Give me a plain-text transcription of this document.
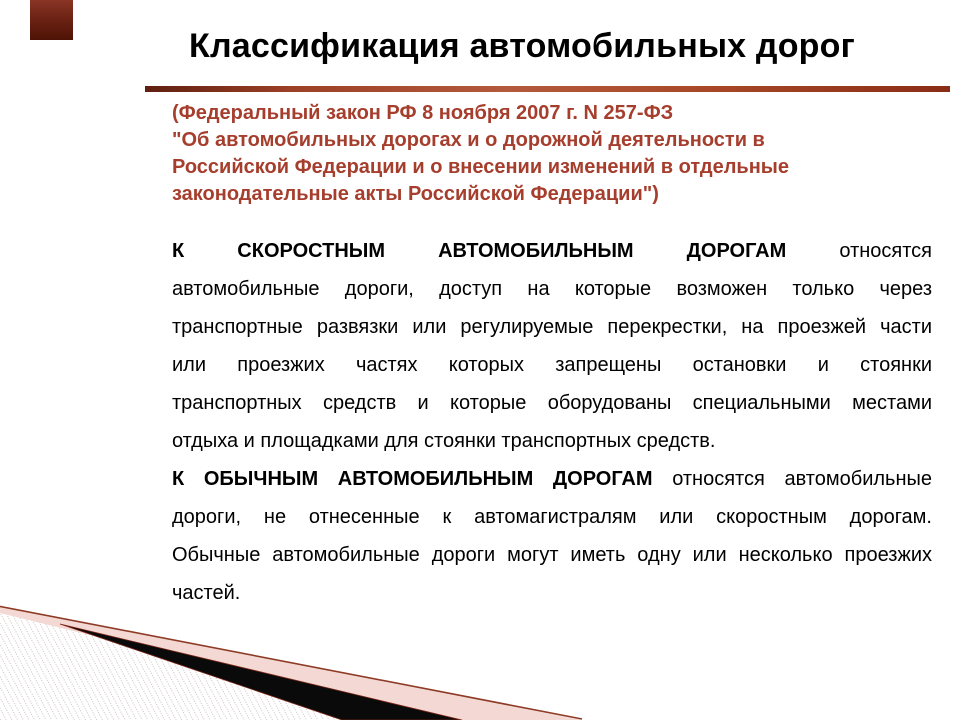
Классификация автомобильных дорог
(Федеральный закон РФ 8 ноября 2007 г. N 257-ФЗ
"Об автомобильных дорогах и о дорожной деятельности в
Российской Федерации и о внесении изменений в отдельные
законодательные акты Российской Федерации")
К СКОРОСТНЫМ АВТОМОБИЛЬНЫМ ДОРОГАМ относятся
автомобильные дороги, доступ на которые возможен только через
транспортные развязки или регулируемые перекрестки, на проезжей части
или проезжих частях которых запрещены остановки и стоянки
транспортных средств и которые оборудованы специальными местами
отдыха и площадками для стоянки транспортных средств.
К ОБЫЧНЫМ АВТОМОБИЛЬНЫМ ДОРОГАМ относятся автомобильные
дороги, не отнесенные к автомагистралям или скоростным дорогам.
Обычные автомобильные дороги могут иметь одну или несколько проезжих
частей.
